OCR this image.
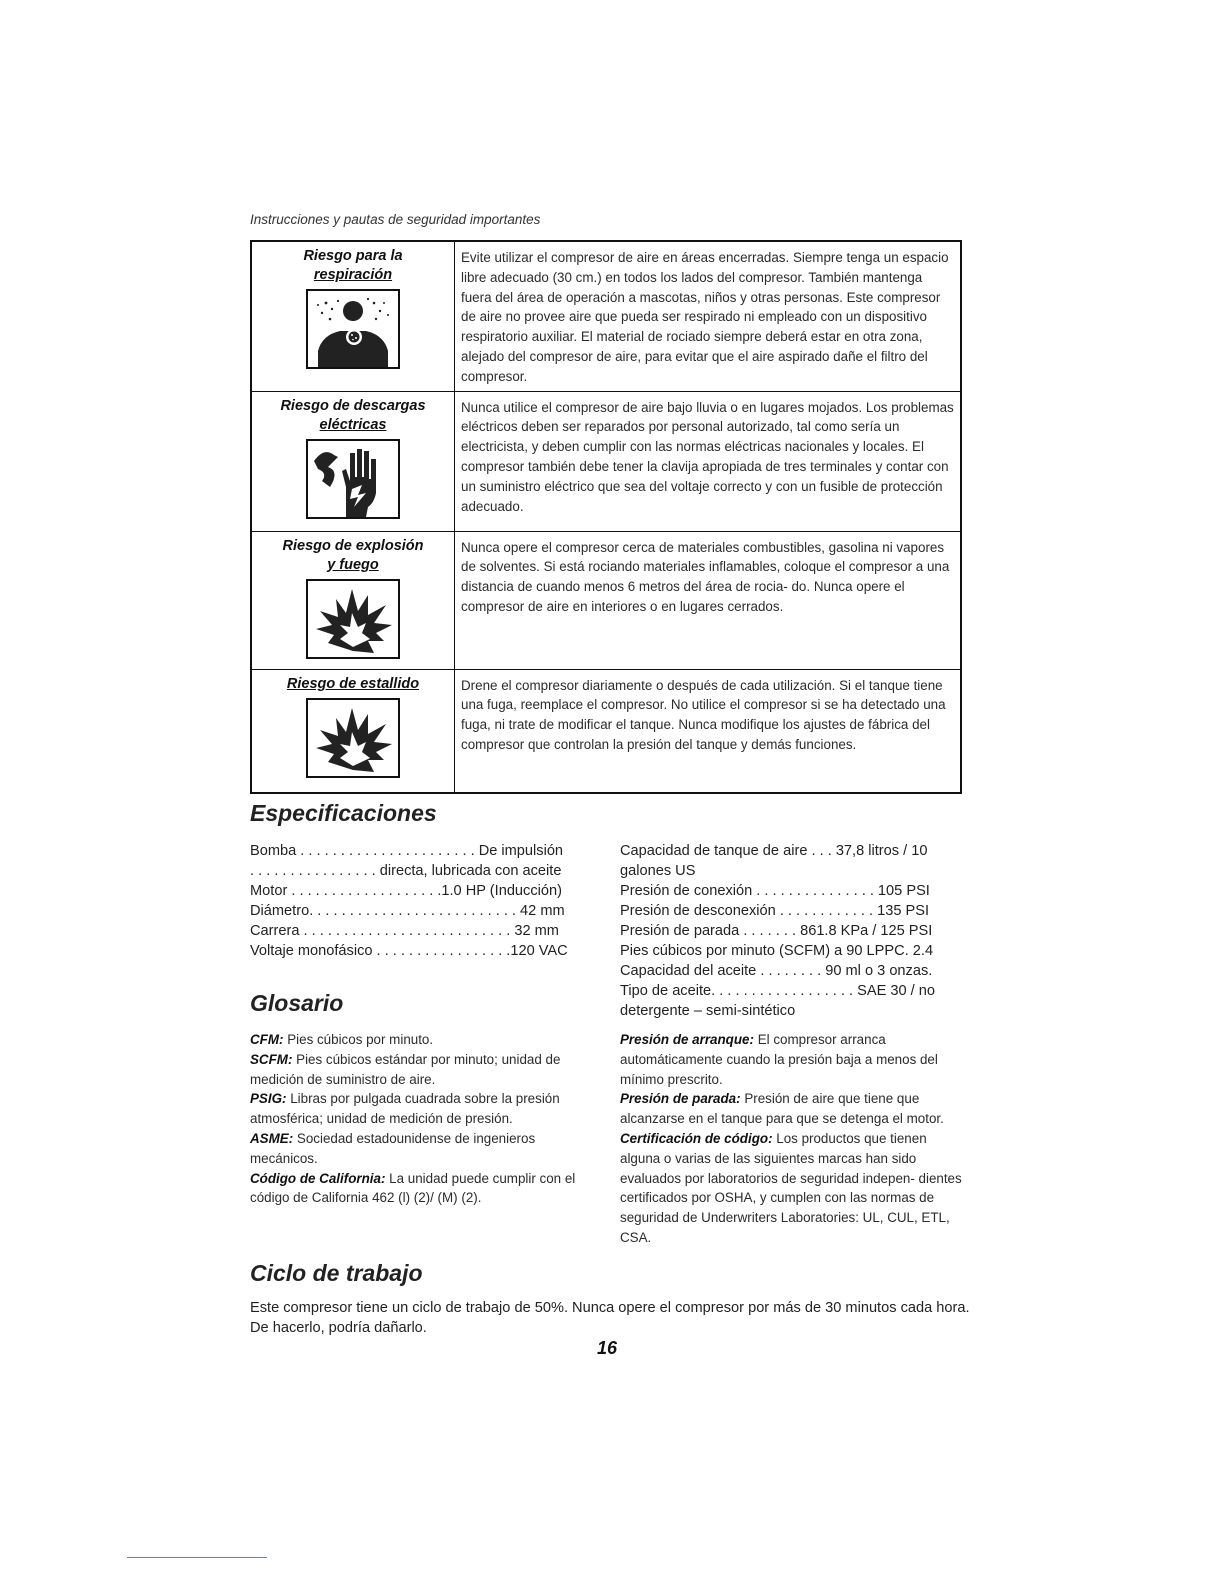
Instrucciones y pautas de seguridad importantes
Riesgo para la
respiración	Evite utilizar el compresor de aire en áreas encerradas. Siempre tenga un espacio libre adecuado (30 cm.) en todos los lados del compresor. También mantenga fuera del área de operación a mascotas, niños y otras personas. Este compresor de aire no provee aire que pueda ser respirado ni empleado con un dispositivo respiratorio auxiliar. El material de rociado siempre deberá estar en otra zona, alejado del compresor de aire, para evitar que el aire aspirado dañe el filtro del compresor.

Riesgo de descargas
eléctricas	Nunca utilice el compresor de aire bajo lluvia o en lugares mojados. Los problemas eléctricos deben ser reparados por personal autorizado, tal como sería un electricista, y deben cumplir con las normas eléctricas nacionales y locales. El compresor también debe tener la clavija apropiada de tres terminales y contar con un suministro eléctrico que sea del voltaje correcto y con un fusible de protección adecuado.

Riesgo de explosión
y fuego	Nunca opere el compresor cerca de materiales combustibles, gasolina ni vapores de solventes. Si está rociando materiales inflamables, coloque el compresor a una distancia de cuando menos 6 metros del área de rocia- do. Nunca opere el compresor de aire en interiores o en lugares cerrados.

Riesgo de estallido	Drene el compresor diariamente o después de cada utilización. Si el tanque tiene una fuga, reemplace el compresor. No utilice el compresor si se ha detectado una fuga, ni trate de modificar el tanque. Nunca modifique los ajustes de fábrica del compresor que controlan la presión del tanque y demás funciones.
Especificaciones
Bomba . . . . . . . . . . . . . . . . . . . . . . De impulsión
. . . . . . . . . . . . . . . . directa, lubricada con aceite
Motor . . . . . . . . . . . . . . . . . . .1.0 HP (Inducción)
Diámetro. . . . . . . . . . . . . . . . . . . . . . . . . . 42 mm
Carrera . . . . . . . . . . . . . . . . . . . . . . . . . . 32 mm
Voltaje monofásico . . . . . . . . . . . . . . . . .120 VAC
Capacidad de tanque de aire . . . 37,8 litros / 10
galones US
Presión de conexión . . . . . . . . . . . . . . . 105 PSI
Presión de desconexión . . . . . . . . . . . . 135 PSI
Presión de parada . . . . . . . 861.8 KPa / 125 PSI
Pies cúbicos por minuto (SCFM) a 90 LPPC. 2.4
Capacidad del aceite . . . . . . . . 90 ml o 3 onzas.
Tipo de aceite. . . . . . . . . . . . . . . . . . SAE 30 / no
detergente – semi-sintético
Glosario
CFM: Pies cúbicos por minuto.
SCFM: Pies cúbicos estándar por minuto; unidad de medición de suministro de aire.
PSIG: Libras por pulgada cuadrada sobre la presión atmosférica; unidad de medición de presión.
ASME: Sociedad estadounidense de ingenieros mecánicos.
Código de California: La unidad puede cumplir con el código de California 462 (l) (2)/ (M) (2).
Presión de arranque: El compresor arranca automáticamente cuando la presión baja a menos del mínimo prescrito.
Presión de parada: Presión de aire que tiene que alcanzarse en el tanque para que se detenga el motor.
Certificación de código: Los productos que tienen alguna o varias de las siguientes marcas han sido evaluados por laboratorios de seguridad indepen- dientes certificados por OSHA, y cumplen con las normas de seguridad de Underwriters Laboratories: UL, CUL, ETL, CSA.
Ciclo de trabajo

Este compresor tiene un ciclo de trabajo de 50%. Nunca opere el compresor por más de 30 minutos cada hora. De hacerlo, podría dañarlo.

16
